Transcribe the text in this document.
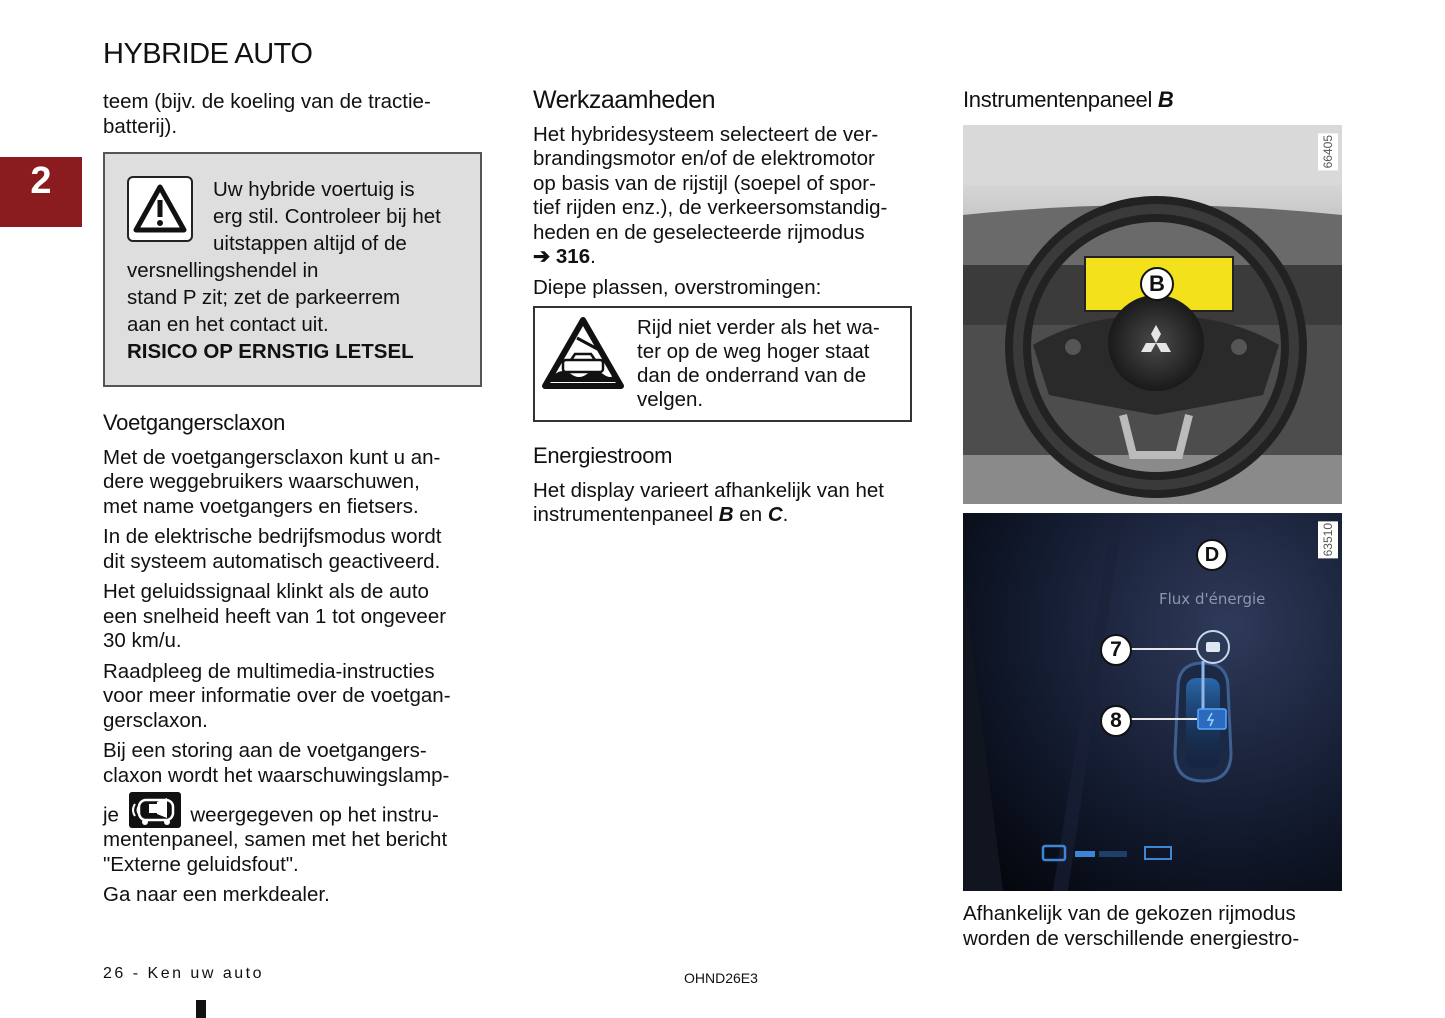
HYBRIDE AUTO
2

teem (bijv. de koeling van de tractie-
batterij).

Uw hybride voertuig is

erg stil. Controleer bij het

uitstappen altijd of de

versnellingshendel in

stand P zit; zet de parkeerrem

aan en het contact uit.

RISICO OP ERNSTIG LETSEL

Voetgangersclaxon

Met de voetgangersclaxon kunt u an-
dere weggebruikers waarschuwen,
met name voetgangers en fietsers.

In de elektrische bedrijfsmodus wordt
dit systeem automatisch geactiveerd.

Het geluidssignaal klinkt als de auto
een snelheid heeft van 1 tot ongeveer
30 km/u.

Raadpleeg de multimedia-instructies
voor meer informatie over de voetgan-
gersclaxon.

Bij een storing aan de voetgangers-
claxon wordt het waarschuwingslamp-

je	weergegeven op het instru-
mentenpaneel, samen met het bericht
"Externe geluidsfout".

Ga naar een merkdealer.

Werkzaamheden

Het hybridesysteem selecteert de ver-
brandingsmotor en/of de elektromotor
op basis van de rijstijl (soepel of spor-
tief rijden enz.), de verkeersomstandig-
heden en de geselecteerde rijmodus
➔ 316.

Diepe plassen, overstromingen:

Rijd niet verder als het wa-
ter op de weg hoger staat
dan de onderrand van de
velgen.

Energiestroom

Het display varieert afhankelijk van het
instrumentenpaneel B en C.

Instrumentenpaneel B
66405
B
63510
D
Flux d'énergie
7
8
Afhankelijk van de gekozen rijmodus
worden de verschillende energiestro-
26 - Ken uw auto	OHND26E3
